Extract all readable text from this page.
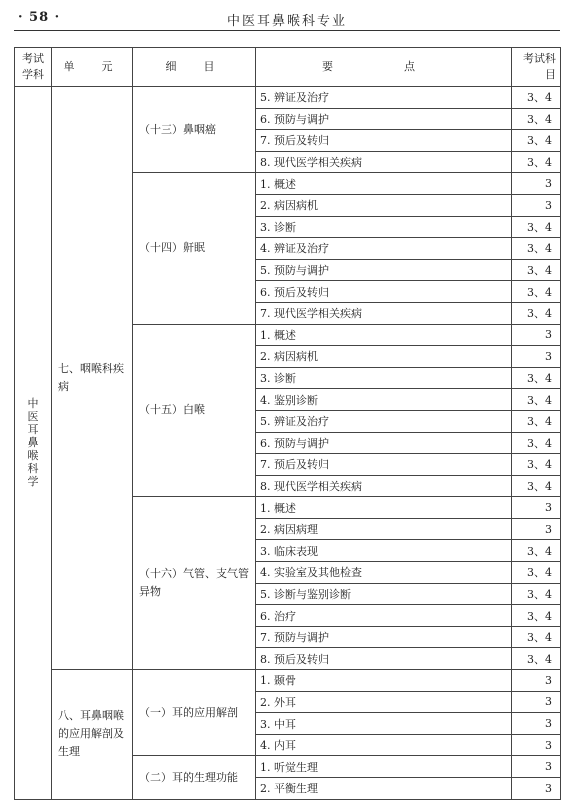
· 58 ·	中医耳鼻喉科专业
考试学科	单　元	细　目	要　点	考试科目
中医耳鼻喉科学	七、咽喉科疾病	（十三）鼻咽癌	5. 辨证及治疗	3、4
			6. 预防与调护	3、4
			7. 预后及转归	3、4
			8. 现代医学相关疾病	3、4
		（十四）鼾眠	1. 概述	3
			2. 病因病机	3
			3. 诊断	3、4
			4. 辨证及治疗	3、4
			5. 预防与调护	3、4
			6. 预后及转归	3、4
			7. 现代医学相关疾病	3、4
		（十五）白喉	1. 概述	3
			2. 病因病机	3
			3. 诊断	3、4
			4. 鉴别诊断	3、4
			5. 辨证及治疗	3、4
			6. 预防与调护	3、4
			7. 预后及转归	3、4
			8. 现代医学相关疾病	3、4
		（十六）气管、支气管异物	1. 概述	3
			2. 病因病理	3
			3. 临床表现	3、4
			4. 实验室及其他检查	3、4
			5. 诊断与鉴别诊断	3、4
			6. 治疗	3、4
			7. 预防与调护	3、4
			8. 预后及转归	3、4
	八、耳鼻咽喉的应用解剖及生理	（一）耳的应用解剖	1. 颞骨	3
			2. 外耳	3
			3. 中耳	3
			4. 内耳	3
		（二）耳的生理功能	1. 听觉生理	3
			2. 平衡生理	3
